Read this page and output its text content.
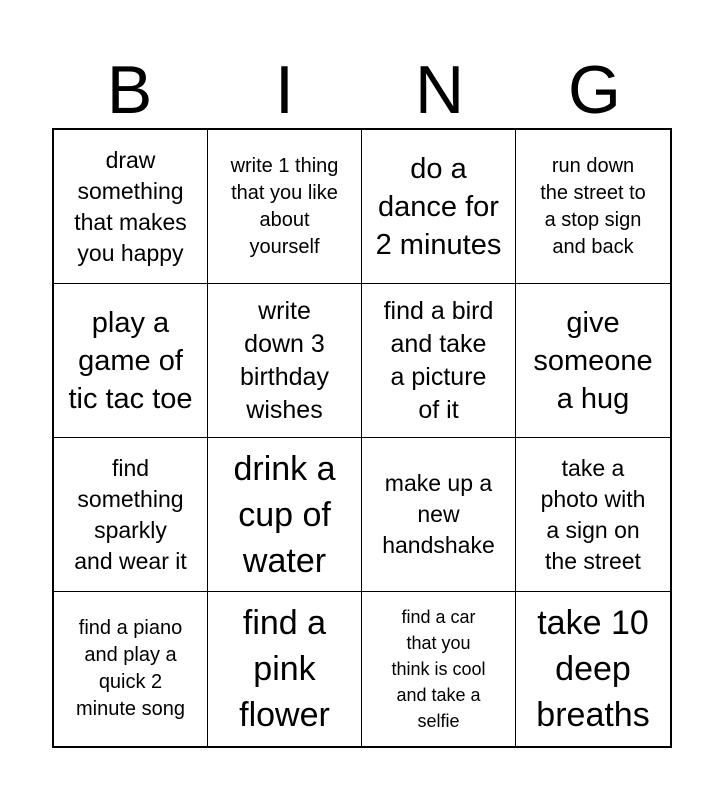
B	I	N	G
draw
something
that makes
you happy
write 1 thing
that you like
about
yourself
do a
dance for
2 minutes
run down
the street to
a stop sign
and back
play a
game of
tic tac toe
write
down 3
birthday
wishes
find a bird
and take
a picture
of it
give
someone
a hug
find
something
sparkly
and wear it
drink a
cup of
water
make up a
new
handshake
take a
photo with
a sign on
the street
find a piano
and play a
quick 2
minute song
find a
pink
flower
find a car
that you
think is cool
and take a
selfie
take 10
deep
breaths
